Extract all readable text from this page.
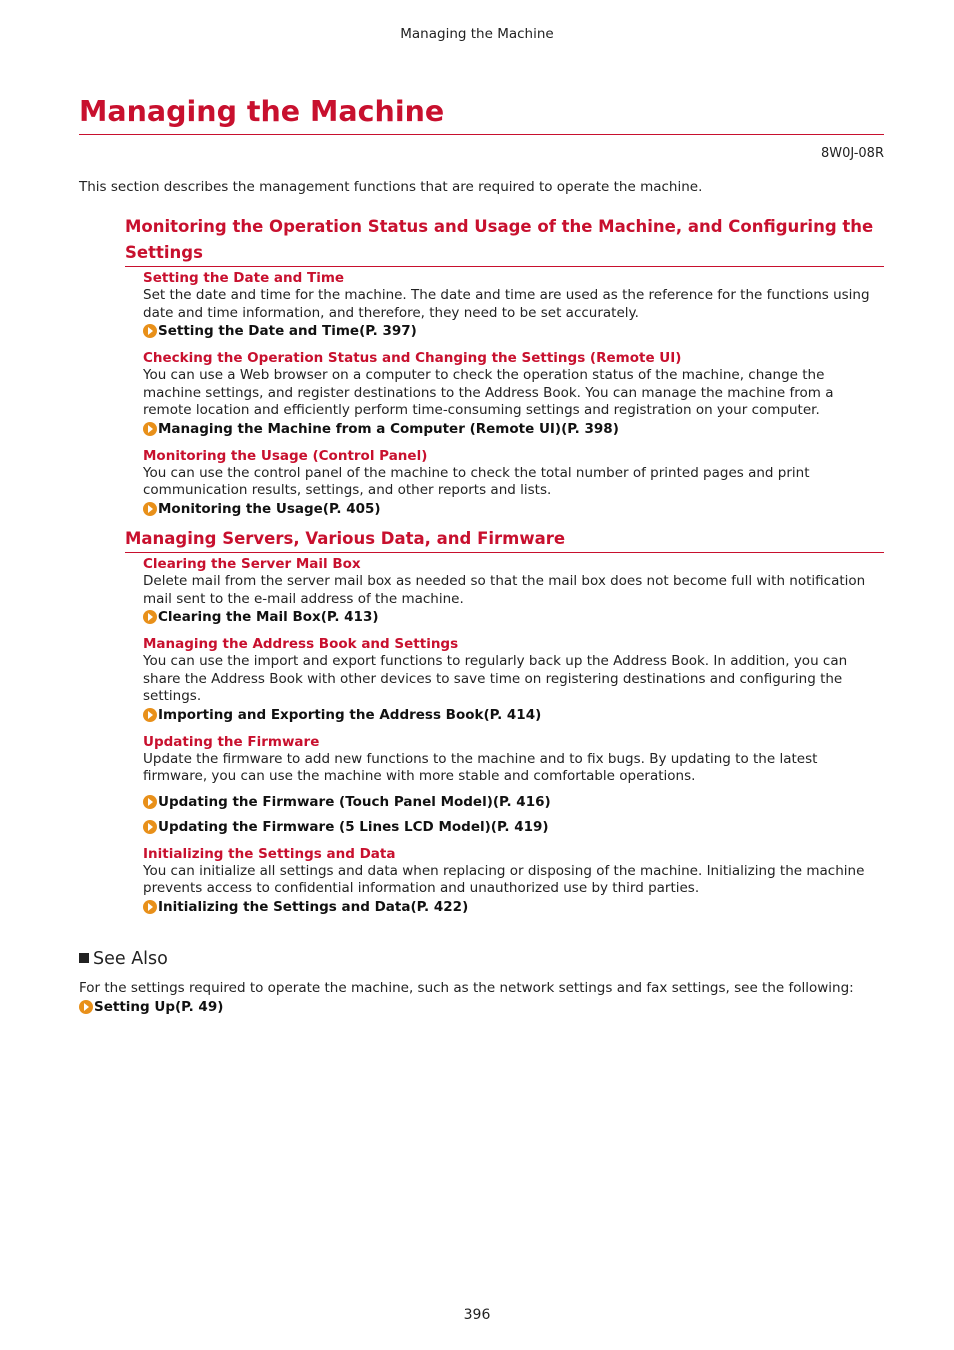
Managing the Machine
Managing the Machine
8W0J-08R
This section describes the management functions that are required to operate the machine.
Monitoring the Operation Status and Usage of the Machine, and Configuring the
Settings
Setting the Date and Time
Set the date and time for the machine. The date and time are used as the reference for the functions using date and time information, and therefore, they need to be set accurately.
Setting the Date and Time(P. 397)
Checking the Operation Status and Changing the Settings (Remote UI)
You can use a Web browser on a computer to check the operation status of the machine, change the machine settings, and register destinations to the Address Book. You can manage the machine from a remote location and efficiently perform time-consuming settings and registration on your computer.
Managing the Machine from a Computer (Remote UI)(P. 398)
Monitoring the Usage (Control Panel)
You can use the control panel of the machine to check the total number of printed pages and print communication results, settings, and other reports and lists.
Monitoring the Usage(P. 405)
Managing Servers, Various Data, and Firmware
Clearing the Server Mail Box
Delete mail from the server mail box as needed so that the mail box does not become full with notification mail sent to the e-mail address of the machine.
Clearing the Mail Box(P. 413)
Managing the Address Book and Settings
You can use the import and export functions to regularly back up the Address Book. In addition, you can share the Address Book with other devices to save time on registering destinations and configuring the settings.
Importing and Exporting the Address Book(P. 414)
Updating the Firmware
Update the firmware to add new functions to the machine and to fix bugs. By updating to the latest firmware, you can use the machine with more stable and comfortable operations.
Updating the Firmware (Touch Panel Model)(P. 416)
Updating the Firmware (5 Lines LCD Model)(P. 419)
Initializing the Settings and Data
You can initialize all settings and data when replacing or disposing of the machine. Initializing the machine prevents access to confidential information and unauthorized use by third parties.
Initializing the Settings and Data(P. 422)
See Also
For the settings required to operate the machine, such as the network settings and fax settings, see the following:
Setting Up(P. 49)
396
